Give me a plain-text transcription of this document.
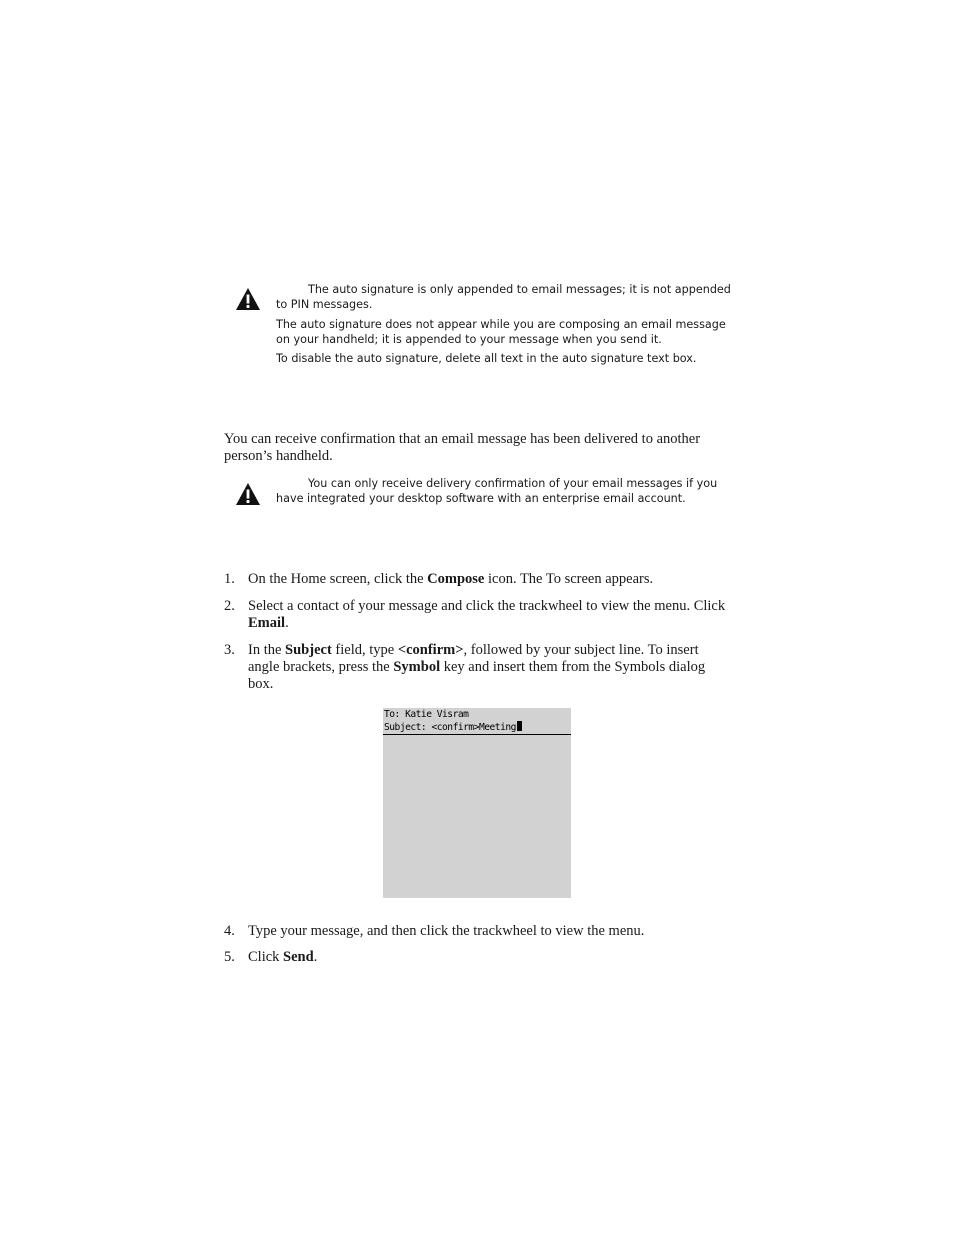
The auto signature is only appended to email messages; it is not appended to PIN messages.

The auto signature does not appear while you are composing an email message on your handheld; it is appended to your message when you send it.

To disable the auto signature, delete all text in the auto signature text box.

You can receive confirmation that an email message has been delivered to another person’s handheld.

You can only receive delivery confirmation of your email messages if you have integrated your desktop software with an enterprise email account.

1. On the Home screen, click the Compose icon. The To screen appears.
2. Select a contact of your message and click the trackwheel to view the menu. Click Email.
3. In the Subject field, type <confirm>, followed by your subject line. To insert angle brackets, press the Symbol key and insert them from the Symbols dialog box.
To: Katie Visram
Subject: <confirm>Meeting
4. Type your message, and then click the trackwheel to view the menu.
5. Click Send.
